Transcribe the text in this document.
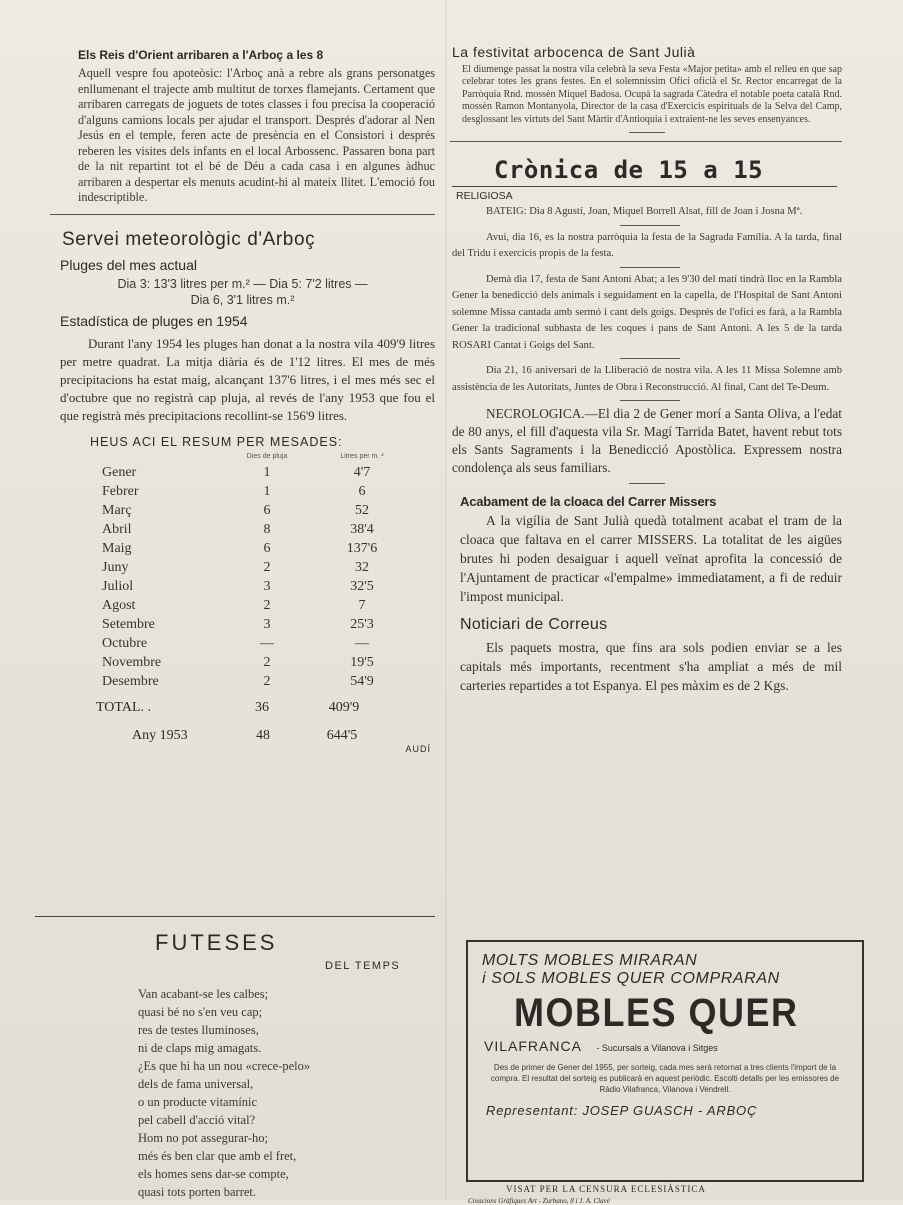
Els Reis d'Orient arribaren a l'Arboç a les 8

Aquell vespre fou apoteòsic: l'Arboç anà a rebre als grans personatges enllumenant el trajecte amb multitut de torxes flamejants. Certament que arribaren carregats de joguets de totes classes i fou precisa la cooperació d'alguns camions locals per ajudar el transport. Després d'adorar al Nen Jesús en el temple, feren acte de presència en el Consistori i després reberen les visites dels infants en el local Arbossenc. Passaren bona part de la nit repartint tot el bé de Déu a cada casa i en algunes àdhuc arribaren a despertar els menuts acudint-hi al mateix llitet. L'emoció fou indescriptible.

Servei meteorològic d'Arboç
Pluges del mes actual
Dia 3: 13'3 litres per m.² — Dia 5: 7'2 litres —
Dia 6, 3'1 litres m.²
Estadística de pluges en 1954

Durant l'any 1954 les pluges han donat a la nostra vila 409'9 litres per metre quadrat. La mitja diària és de 1'12 litres. El mes de més precipitacions ha estat maig, alcançant 137'6 litres, i el mes més sec el d'octubre que no registrà cap pluja, al revés de l'any 1953 que fou el que registrà més precipitacions recollint-se 156'9 litres.

HEUS ACI EL RESUM PER MESADES:
	Dies de pluja	Litres per m. ²
Gener	1	4'7
Febrer	1	6
Març	6	52
Abril	8	38'4
Maig	6	137'6
Juny	2	32
Juliol	3	32'5
Agost	2	7
Setembre	3	25'3
Octubre	—	—
Novembre	2	19'5
Desembre	2	54'9
TOTAL. .	36	409'9
Any 1953	48	644'5
AUDÍ
FUTESES
DEL TEMPS
Van acabant-se les calbes;
quasi bé no s'en veu cap;
res de testes lluminoses,
ni de claps mig amagats.
¿Es que hi ha un nou «crece-pelo»
dels de fama universal,
o un producte vitamínic
pel cabell d'acció vital?
Hom no pot assegurar-ho;
més és ben clar que amb el fret,
els homes sens dar-se compte,
quasi tots porten barret.
La festivitat arbocenca de Sant Julià

El diumenge passat la nostra vila celebrà la seva Festa «Major petita» amb el relleu en que sap celebrar totes les grans festes. En el solemníssim Ofici oficià el Sr. Rector encarregat de la Parròquia Rnd. mossèn Miquel Badosa. Ocupà la sagrada Càtedra el notable poeta català Rnd. mossèn Ramon Montanyola, Director de la casa d'Exercicis espirituals de la Selva del Camp, desglossant les virtuts del Sant Màrtir d'Antioquia i extraient-ne les seves ensenyances.

Crònica de 15 a 15
RELIGIOSA

BATEIG: Dia 8 Agustí, Joan, Miquel Borrell Alsat, fill de Joan i Josna Mª.

Avui, dia 16, es la nostra parròquia la festa de la Sagrada Família. A la tarda, final del Tridu i exercicis propis de la festa.

Demà dia 17, festa de Sant Antoni Abat; a les 9'30 del matí tindrà lloc en la Rambla Gener la benedicció dels animals i seguidament en la capella, de l'Hospital de Sant Antoni solemne Missa cantada amb sermó i cant dels goigs. Després de l'ofici es farà, a la Rambla Gener la tradicional subhasta de les coques i pans de Sant Antoni. A les 5 de la tarda ROSARI Cantat i Goigs del Sant.

Dia 21, 16 aniversari de la Lliberació de nostra vila. A les 11 Missa Solemne amb assistència de les Autoritats, Juntes de Obra i Reconstrucció. Al final, Cant del Te-Deum.

NECROLOGICA.—El dia 2 de Gener morí a Santa Oliva, a l'edat de 80 anys, el fill d'aquesta vila Sr. Magí Tarrida Batet, havent rebut tots els Sants Sagraments i la Benedicció Apostòlica. Expressem nostra condolença als seus familiars.

Acabament de la cloaca del Carrer Missers

A la vigília de Sant Julià quedà totalment acabat el tram de la cloaca que faltava en el carrer MISSERS. La totalitat de les aigües brutes hi poden desaiguar i aquell veïnat aprofita la concessió de l'Ajuntament de practicar «l'empalme» immediatament, a fi de reduir l'impost municipal.

Noticiari de Correus

Els paquets mostra, que fins ara sols podien enviar se a les capitals més importants, recentment s'ha ampliat a més de mil carteries repartides a tot Espanya. El pes màxim es de 2 Kgs.

MOLTS MOBLES MIRARAN
i SOLS MOBLES QUER COMPRARAN
MOBLES QUER
VILAFRANCA - Sucursals a Vilanova i Sitges

Des de primer de Gener del 1955, per sorteig, cada mes serà retornat a tres clients l'import de la compra. El resultat del sorteig es publicarà en aquest periòdic. Escolti detalls per les emissores de Ràdio Vilafranca, Vilanova i Vendrell.

Representant: JOSEP GUASCH - ARBOÇ
VISAT PER LA CENSURA ECLESIÀSTICA
Creacions Gràfiques Art - Zurbano, 8 i J. A. Clavé
